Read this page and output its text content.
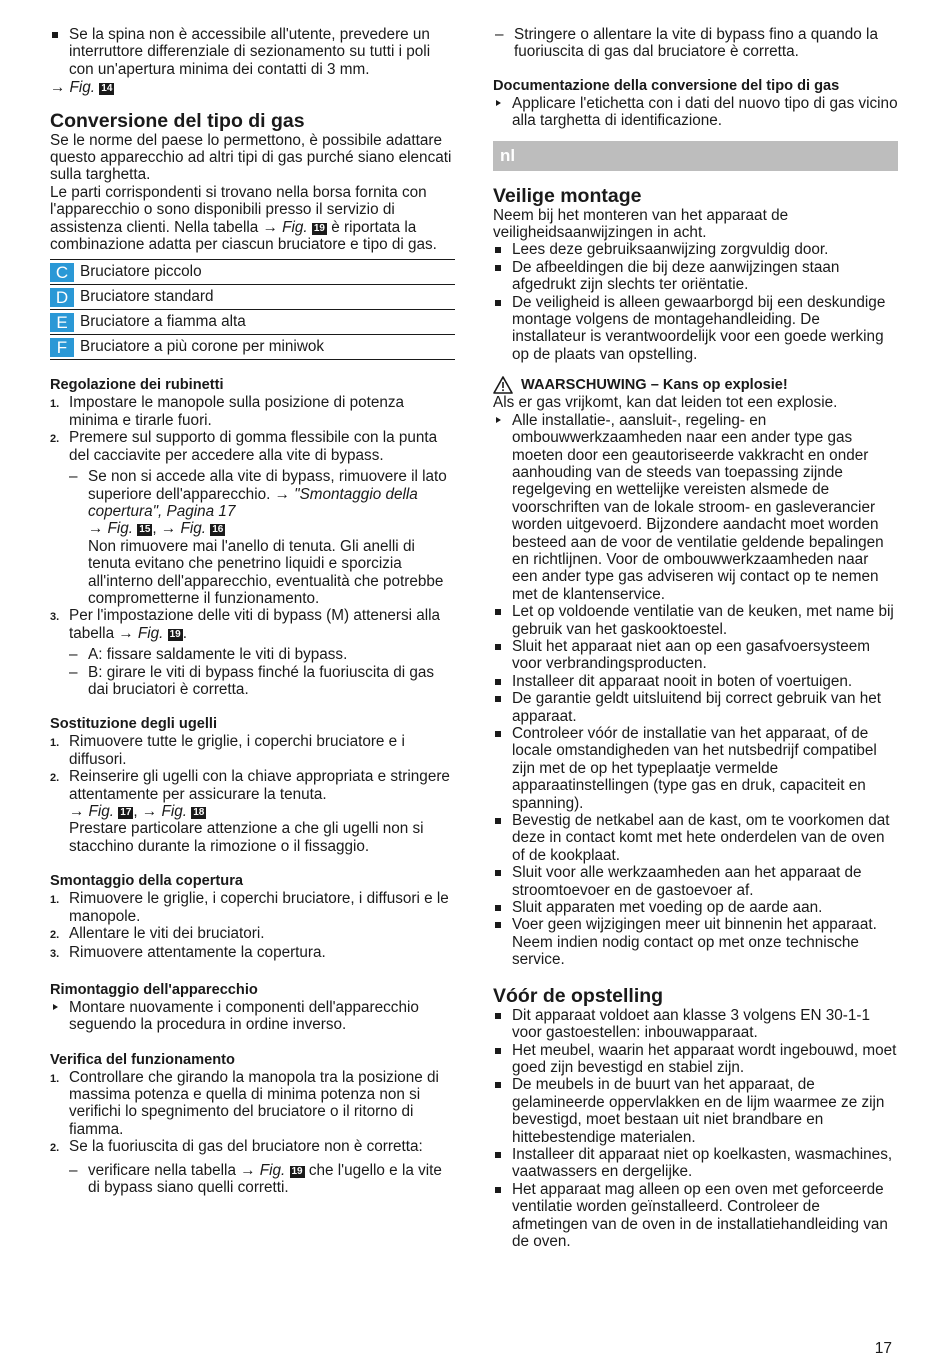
Se la spina non è accessibile all'utente, prevedere un interruttore differenziale di sezionamento su tutti i poli con un'apertura minima dei contatti di 3 mm.

→ Fig. 14

Conversione del tipo di gas

Se le norme del paese lo permettono, è possibile adattare questo apparecchio ad altri tipi di gas purché siano elencati sulla targhetta.

Le parti corrispondenti si trovano nella borsa fornita con l'apparecchio o sono disponibili presso il servizio di assistenza clienti. Nella tabella → Fig. 19 è riportata la combinazione adatta per ciascun bruciatore e tipo di gas.

C	Bruciatore piccolo
D	Bruciatore standard
E	Bruciatore a fiamma alta
F	Bruciatore a più corone per miniwok

Regolazione dei rubinetti

1. Impostare le manopole sulla posizione di potenza minima e tirarle fuori.
2. Premere sul supporto di gomma flessibile con la punta del cacciavite per accedere alla vite di bypass.
– Se non si accede alla vite di bypass, rimuovere il lato superiore dell'apparecchio. → "Smontaggio della copertura", Pagina 17
→ Fig. 15 , → Fig. 16
Non rimuovere mai l'anello di tenuta. Gli anelli di tenuta evitano che penetrino liquidi e sporcizia all'interno dell'apparecchio, eventualità che potrebbe comprometterne il funzionamento.
3. Per l'impostazione delle viti di bypass (M) attenersi alla tabella → Fig. 19 .
– A: fissare saldamente le viti di bypass.
– B: girare le viti di bypass finché la fuoriuscita di gas dai bruciatori è corretta.

Sostituzione degli ugelli

1. Rimuovere tutte le griglie, i coperchi bruciatore e i diffusori.
2. Reinserire gli ugelli con la chiave appropriata e stringere attentamente per assicurare la tenuta.
→ Fig. 17 , → Fig. 18
Prestare particolare attenzione a che gli ugelli non si stacchino durante la rimozione o il fissaggio.

Smontaggio della copertura

1. Rimuovere le griglie, i coperchi bruciatore, i diffusori e le manopole.
2. Allentare le viti dei bruciatori.
3. Rimuovere attentamente la copertura.

Rimontaggio dell'apparecchio

Montare nuovamente i componenti dell'apparecchio seguendo la procedura in ordine inverso.

Verifica del funzionamento

1. Controllare che girando la manopola tra la posizione di massima potenza e quella di minima potenza non si verifichi lo spegnimento del bruciatore o il ritorno di fiamma.
2. Se la fuoriuscita di gas del bruciatore non è corretta:
– verificare nella tabella → Fig. 19 che l'ugello e la vite di bypass siano quelli corretti.
– Stringere o allentare la vite di bypass fino a quando la fuoriuscita di gas dal bruciatore è corretta.

Documentazione della conversione del tipo di gas

Applicare l'etichetta con i dati del nuovo tipo di gas vicino alla targhetta di identificazione.
nl

Veilige montage

Neem bij het monteren van het apparaat de veiligheidsaanwijzingen in acht.

Lees deze gebruiksaanwijzing zorgvuldig door.
De afbeeldingen die bij deze aanwijzingen staan afgedrukt zijn slechts ter oriëntatie.
De veiligheid is alleen gewaarborgd bij een deskundige montage volgens de montagehandleiding. De installateur is verantwoordelijk voor een goede werking op de plaats van opstelling.
WAARSCHUWING – Kans op explosie!

Als er gas vrijkomt, kan dat leiden tot een explosie.

Alle installatie-, aansluit-, regeling- en ombouwwerkzaamheden naar een ander type gas moeten door een geautoriseerde vakkracht en onder aanhouding van de steeds van toepassing zijnde regelgeving en wettelijke vereisten alsmede de voorschriften van de lokale stroom- en gasleverancier worden uitgevoerd. Bijzondere aandacht moet worden besteed aan de voor de ventilatie geldende bepalingen en richtlijnen. Voor de ombouwwerkzaamheden naar een ander type gas adviseren wij contact op te nemen met de klantenservice.
Let op voldoende ventilatie van de keuken, met name bij gebruik van het gaskooktoestel.
Sluit het apparaat niet aan op een gasafvoersysteem voor verbrandingsproducten.
Installeer dit apparaat nooit in boten of voertuigen.
De garantie geldt uitsluitend bij correct gebruik van het apparaat.
Controleer vóór de installatie van het apparaat, of de locale omstandigheden van het nutsbedrijf compatibel zijn met de op het typeplaatje vermelde apparaatinstellingen (type gas en druk, capaciteit en spanning).
Bevestig de netkabel aan de kast, om te voorkomen dat deze in contact komt met hete onderdelen van de oven of de kookplaat.
Sluit voor alle werkzaamheden aan het apparaat de stroomtoevoer en de gastoevoer af.
Sluit apparaten met voeding op de aarde aan.
Voer geen wijzigingen meer uit binnenin het apparaat. Neem indien nodig contact op met onze technische service.

Vóór de opstelling

Dit apparaat voldoet aan klasse 3 volgens EN 30-1-1 voor gastoestellen: inbouwapparaat.
Het meubel, waarin het apparaat wordt ingebouwd, moet goed zijn bevestigd en stabiel zijn.
De meubels in de buurt van het apparaat, de gelamineerde oppervlakken en de lijm waarmee ze zijn bevestigd, moet bestaan uit niet brandbare en hittebestendige materialen.
Installeer dit apparaat niet op koelkasten, wasmachines, vaatwassers en dergelijke.
Het apparaat mag alleen op een oven met geforceerde ventilatie worden geïnstalleerd. Controleer de afmetingen van de oven in de installatiehandleiding van de oven.
17
